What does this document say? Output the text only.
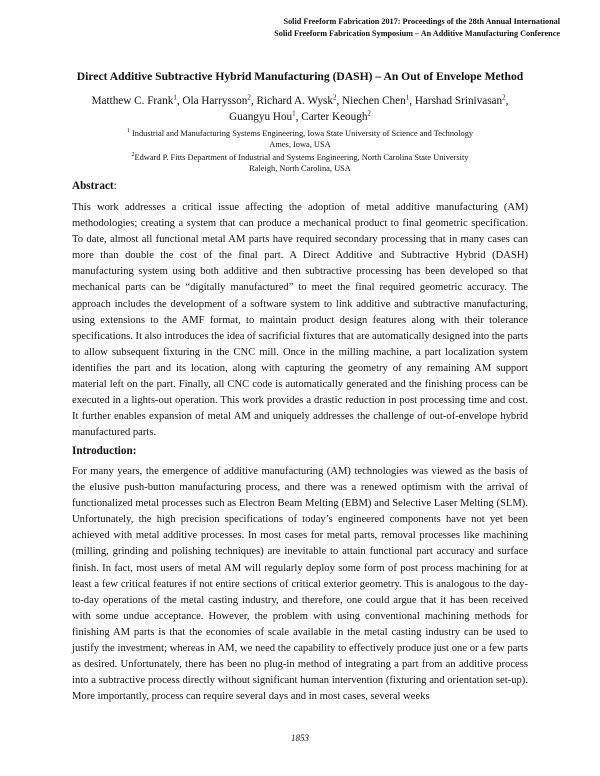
Solid Freeform Fabrication 2017: Proceedings of the 28th Annual International
Solid Freeform Fabrication Symposium – An Additive Manufacturing Conference
Direct Additive Subtractive Hybrid Manufacturing (DASH) – An Out of Envelope Method
Matthew C. Frank$^1$, Ola Harrysson$^2$, Richard A. Wysk$^2$, Niechen Chen$^1$, Harshad Srinivasan$^2$,
Guangyu Hou$^1$, Carter Keough$^2$
$^1$ Industrial and Manufacturing Systems Engineering, Iowa State University of Science and Technology
Ames, Iowa, USA
$^2$Edward P. Fitts Department of Industrial and Systems Engineering, North Carolina State University
Raleigh, North Carolina, USA
Abstract:
This work addresses a critical issue affecting the adoption of metal additive manufacturing (AM) methodologies; creating a system that can produce a mechanical product to final geometric specification. To date, almost all functional metal AM parts have required secondary processing that in many cases can more than double the cost of the final part. A Direct Additive and Subtractive Hybrid (DASH) manufacturing system using both additive and then subtractive processing has been developed so that mechanical parts can be “digitally manufactured” to meet the final required geometric accuracy. The approach includes the development of a software system to link additive and subtractive manufacturing, using extensions to the AMF format, to maintain product design features along with their tolerance specifications. It also introduces the idea of sacrificial fixtures that are automatically designed into the parts to allow subsequent fixturing in the CNC mill. Once in the milling machine, a part localization system identifies the part and its location, along with capturing the geometry of any remaining AM support material left on the part. Finally, all CNC code is automatically generated and the finishing process can be executed in a lights-out operation. This work provides a drastic reduction in post processing time and cost. It further enables expansion of metal AM and uniquely addresses the challenge of out-of-envelope hybrid manufactured parts.
Introduction:
For many years, the emergence of additive manufacturing (AM) technologies was viewed as the basis of the elusive push-button manufacturing process, and there was a renewed optimism with the arrival of functionalized metal processes such as Electron Beam Melting (EBM) and Selective Laser Melting (SLM). Unfortunately, the high precision specifications of today’s engineered components have not yet been achieved with metal additive processes. In most cases for metal parts, removal processes like machining (milling, grinding and polishing techniques) are inevitable to attain functional part accuracy and surface finish. In fact, most users of metal AM will regularly deploy some form of post process machining for at least a few critical features if not entire sections of critical exterior geometry. This is analogous to the day-to-day operations of the metal casting industry, and therefore, one could argue that it has been received with some undue acceptance. However, the problem with using conventional machining methods for finishing AM parts is that the economies of scale available in the metal casting industry can be used to justify the investment; whereas in AM, we need the capability to effectively produce just one or a few parts as desired. Unfortunately, there has been no plug-in method of integrating a part from an additive process into a subtractive process directly without significant human intervention (fixturing and orientation set-up). More importantly, process can require several days and in most cases, several weeks
1853
